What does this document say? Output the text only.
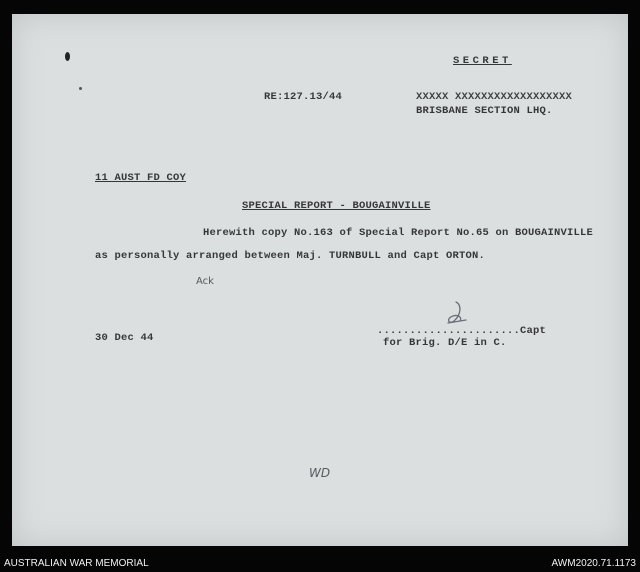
SECRET
RE:127.13/44	XXXXX XXXXXXXXXXXXXXXXXX
BRISBANE SECTION LHQ.
11 AUST FD COY
SPECIAL REPORT - BOUGAINVILLE
Herewith copy No.163 of Special Report No.65 on BOUGAINVILLE
as personally arranged between Maj. TURNBULL and Capt ORTON.
Ack
30 Dec 44
......................Capt
for Brig. D/E in C.
WD
AUSTRALIAN WAR MEMORIAL	AWM2020.71.1173
